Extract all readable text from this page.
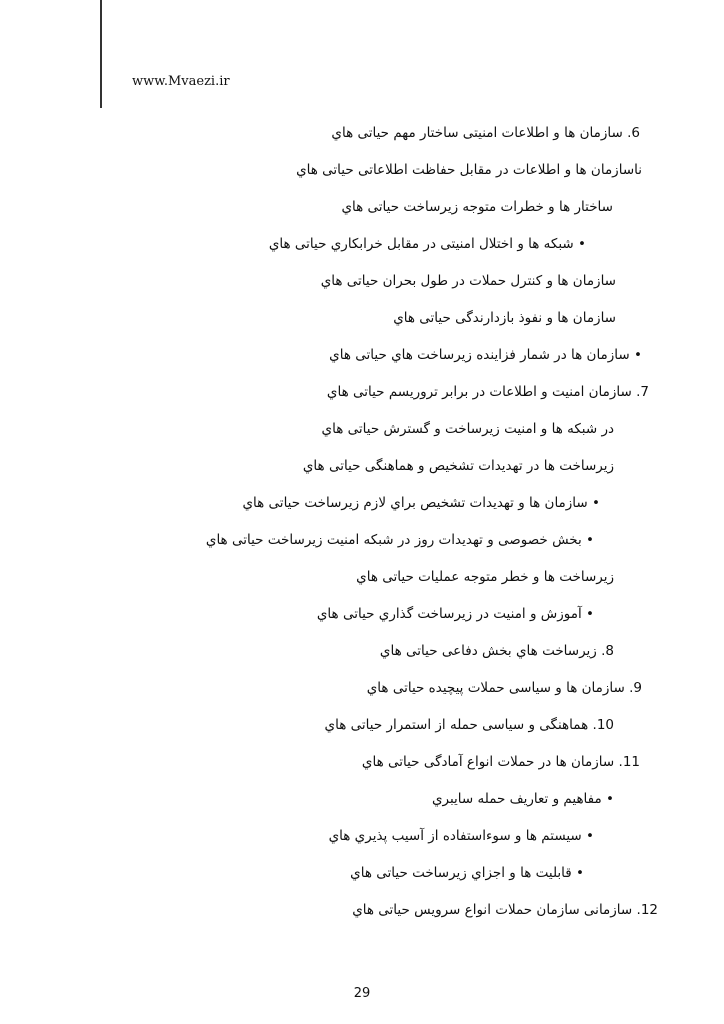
www.Mvaezi.ir
6. سازمان ها و اطلاعات امنیتی ساختار مهم حیاتی هاي
ناسازمان ها و اطلاعات در مقابل حفاظت اطلاعاتی حیاتی هاي
ساختار ها و خطرات متوجه زیرساخت حیاتی هاي
• شبکه ها و اختلال امنیتی در مقابل خرابکاري حیاتی هاي
سازمان ها و کنترل حملات در طول بحران حیاتی هاي
سازمان ها و نفوذ بازدارندگی حیاتی هاي
• سازمان ها در شمار فزاینده زیرساخت هاي حیاتی هاي
7. سازمان امنیت و اطلاعات در برابر تروریسم حیاتی هاي
در شبکه ها و امنیت زیرساخت و گسترش حیاتی هاي
زیرساخت ها در تهدیدات تشخیص و هماهنگی حیاتی هاي
• سازمان ها و تهدیدات تشخیص براي لازم زیرساخت حیاتی هاي
• بخش خصوصی و تهدیدات روز در شبکه امنیت زیرساخت حیاتی هاي
زیرساخت ها و خطر متوجه عملیات حیاتی هاي
• آموزش و امنیت در زیرساخت گذاري حیاتی هاي
8. زیرساخت هاي بخش دفاعی حیاتی هاي
9. سازمان ها و سیاسی حملات پیچیده حیاتی هاي
10. هماهنگی و سیاسی حمله از استمرار حیاتی هاي
11. سازمان ها در حملات انواع آمادگی حیاتی هاي
• مفاهیم و تعاریف حمله سایبري
• سیستم ها و سوءاستفاده از آسیب پذیري هاي
• قابلیت ها و اجزاي زیرساخت حیاتی هاي
12. سازمانی سازمان حملات انواع سرویس حیاتی هاي
29
